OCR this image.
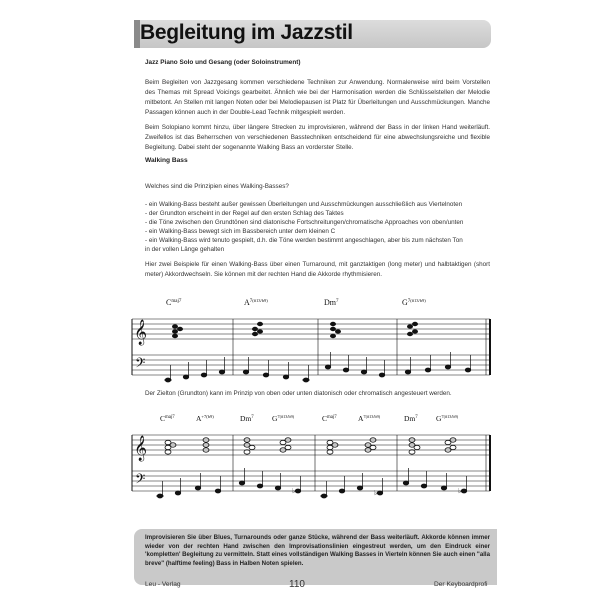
Begleitung im Jazzstil
Jazz Piano Solo und Gesang (oder Soloinstrument)
Beim Begleiten von Jazzgesang kommen verschiedene Techniken zur Anwendung. Normalerweise wird beim Vorstellen des Themas mit Spread Voicings gearbeitet. Ähnlich wie bei der Harmonisation werden die Schlüsselstellen der Melodie mitbetont. An Stellen mit langen Noten oder bei Melodiepausen ist Platz für Überleitungen und Ausschmückungen. Manche Passagen können auch in der Double-Lead Technik mitgespielt werden.
Beim Solopiano kommt hinzu, über längere Strecken zu improvisieren, während der Bass in der linken Hand weiterläuft. Zweifellos ist das Beherrschen von verschiedenen Basstechniken entscheidend für eine abwechslungsreiche und flexible Begleitung. Dabei steht der sogenannte Walking Bass an vorderster Stelle.
Walking Bass
Welches sind die Prinzipien eines Walking-Basses?
- ein Walking-Bass besteht außer gewissen Überleitungen und Ausschmückungen ausschließlich aus Viertelnoten
- der Grundton erscheint in der Regel auf den ersten Schlag des Taktes
- die Töne zwischen den Grundtönen sind diatonische Fortschreitungen/chromatische Approaches von oben/unten
- ein Walking-Bass bewegt sich im Bassbereich unter dem kleinen C
- ein Walking-Bass wird tenuto gespielt, d.h. die Töne werden bestimmt angeschlagen, aber bis zum nächsten Ton
in der vollen Länge gehalten
Hier zwei Beispiele für einen Walking-Bass über einen Turnaround, mit ganztaktigen (long meter) und halbtaktigen (short meter) Akkordwechseln. Sie können mit der rechten Hand die Akkorde rhythmisieren.
$C^{maj}7$	$A^7(\#13/b9)$	Dm$^7$	$G^7(\#13/b9)$
𝄞
𝄢
Der Zielton (Grundton) kann im Prinzip von oben oder unten diatonisch oder chromatisch angesteuert werden.
$C^{maj}7$	$A^{+7}(b9)$	Dm$^7$ $G^7(\#13/b9)$	$C^{maj}7$	$A^7(\#13/b9)$	Dm$^7$ $G^7(\#13/b9)$
𝄞
𝄢
♭	♭	♭
Improvisieren Sie über Blues, Turnarounds oder ganze Stücke, während der Bass weiterläuft. Akkorde können immer wieder von der rechten Hand zwischen den Improvisationslinien eingestreut werden, um den Eindruck einer 'kompletten' Begleitung zu vermitteln. Statt eines vollständigen Walking Basses in Vierteln können Sie auch einen "alla breve" (halftime feeling) Bass in Halben Noten spielen.
Leu - Verlag	110	Der Keyboardprofi
